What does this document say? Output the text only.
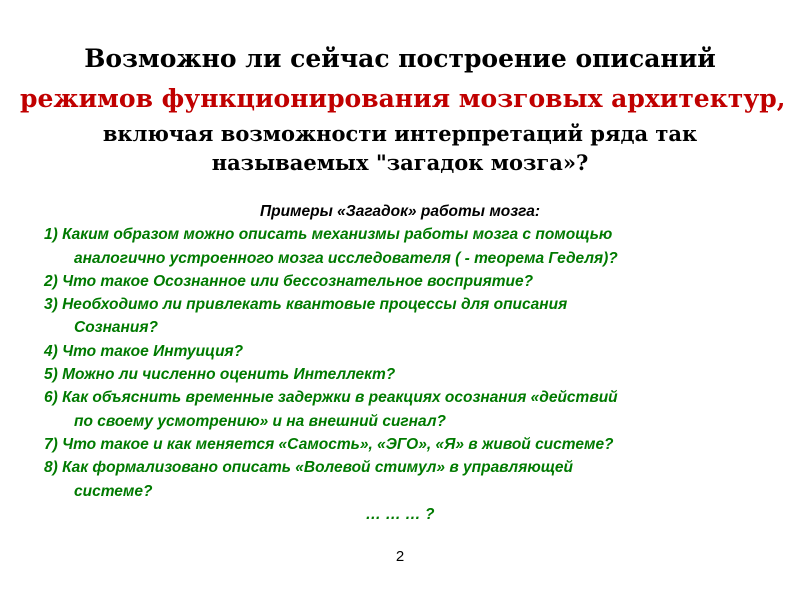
Возможно ли сейчас построение описаний
режимов функционирования мозговых архитектур,
включая возможности интерпретаций ряда так
называемых "загадок мозга»?
Примеры «Загадок» работы мозга:
1) Каким образом можно описать механизмы работы мозга с помощью
аналогично устроенного мозга исследователя ( - теорема Геделя)?
2) Что такое Осознанное или бессознательное восприятие?
3) Необходимо ли привлекать квантовые процессы для описания
Сознания?
4) Что такое Интуиция?
5) Можно ли численно оценить Интеллект?
6) Как объяснить временные задержки в реакциях осознания «действий
по своему усмотрению» и на внешний сигнал?
7) Что такое и как меняется «Самость», «ЭГО», «Я» в живой системе?
8) Как формализовано описать «Волевой стимул» в управляющей
системе?
… … … ?
2
